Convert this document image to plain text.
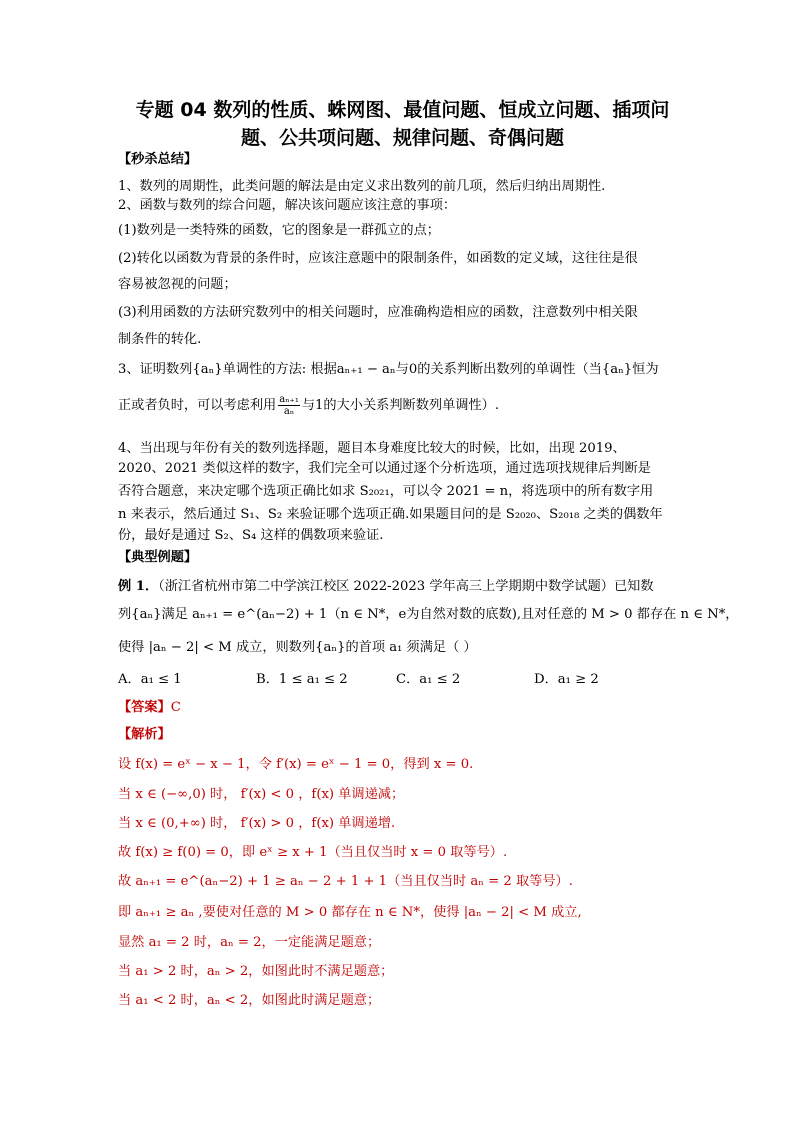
专题 04 数列的性质、蛛网图、最值问题、恒成立问题、插项问
题、公共项问题、规律问题、奇偶问题
【秒杀总结】
1、数列的周期性，此类问题的解法是由定义求出数列的前几项，然后归纳出周期性.
2、函数与数列的综合问题，解决该问题应该注意的事项：
(1)数列是一类特殊的函数，它的图象是一群孤立的点；
(2)转化以函数为背景的条件时，应该注意题中的限制条件，如函数的定义域，这往往是很
容易被忽视的问题；
(3)利用函数的方法研究数列中的相关问题时，应准确构造相应的函数，注意数列中相关限
制条件的转化.
3、证明数列{aₙ}单调性的方法: 根据aₙ₊₁ − aₙ与0的关系判断出数列的单调性（当{aₙ}恒为
正或者负时，可以考虑利用 $\frac{\text{aₙ₊₁}}{\text{aₙ}}$ 与1的大小关系判断数列单调性）.
4、当出现与年份有关的数列选择题，题目本身难度比较大的时候，比如，出现 2019、
2020、2021 类似这样的数字，我们完全可以通过逐个分析选项，通过选项找规律后判断是
否符合题意，来决定哪个选项正确比如求 S₂₀₂₁，可以令 2021 = n，将选项中的所有数字用
n 来表示，然后通过 S₁、S₂ 来验证哪个选项正确.如果题目问的是 S₂₀₂₀、S₂₀₁₈ 之类的偶数年
份，最好是通过 S₂、S₄ 这样的偶数项来验证.
【典型例题】
例 1．（浙江省杭州市第二中学滨江校区 2022-2023 学年高三上学期期中数学试题）已知数
列{aₙ}满足 aₙ₊₁ = e^(aₙ−2) + 1（n ∈ N*，e为自然对数的底数),且对任意的 M > 0 都存在 n ∈ N*，
使得 |aₙ − 2| < M 成立，则数列{aₙ}的首项 a₁ 须满足（ ）
A．a₁ ≤ 1	B．1 ≤ a₁ ≤ 2	C．a₁ ≤ 2	D．a₁ ≥ 2
【答案】C
【解析】
设 f(x) = eˣ − x − 1，令 f′(x) = eˣ − 1 = 0，得到 x = 0.
当 x ∈ (−∞,0) 时， f′(x) < 0 ，f(x) 单调递减；
当 x ∈ (0,+∞) 时， f′(x) > 0 ，f(x) 单调递增.
故 f(x) ≥ f(0) = 0，即 eˣ ≥ x + 1（当且仅当时 x = 0 取等号）.
故 aₙ₊₁ = e^(aₙ−2) + 1 ≥ aₙ − 2 + 1 + 1（当且仅当时 aₙ = 2 取等号）.
即 aₙ₊₁ ≥ aₙ ,要使对任意的 M > 0 都存在 n ∈ N*，使得 |aₙ − 2| < M 成立,
显然 a₁ = 2 时，aₙ = 2，一定能满足题意；
当 a₁ > 2 时，aₙ > 2，如图此时不满足题意；
当 a₁ < 2 时，aₙ < 2，如图此时满足题意；
